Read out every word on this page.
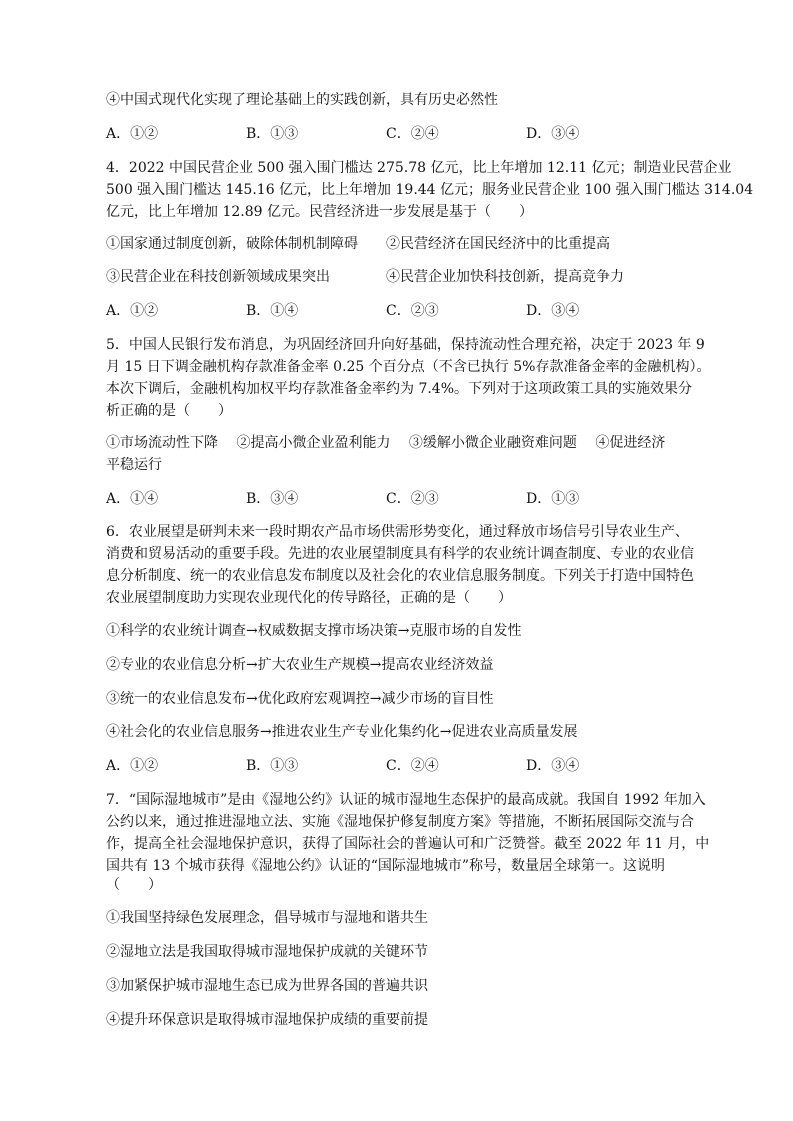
④中国式现代化实现了理论基础上的实践创新，具有历史必然性
A．①②	B．①③	C．②④	D．③④
4．2022 中国民营企业 500 强入围门槛达 275.78 亿元，比上年增加 12.11 亿元；制造业民营企业
500 强入围门槛达 145.16 亿元，比上年增加 19.44 亿元；服务业民营企业 100 强入围门槛达 314.04
亿元，比上年增加 12.89 亿元。民营经济进一步发展是基于（　　）
①国家通过制度创新，破除体制机制障碍　　②民营经济在国民经济中的比重提高
③民营企业在科技创新领域成果突出　　　　④民营企业加快科技创新，提高竞争力
A．①②	B．①④	C．②③	D．③④
5．中国人民银行发布消息，为巩固经济回升向好基础，保持流动性合理充裕，决定于 2023 年 9
月 15 日下调金融机构存款准备金率 0.25 个百分点（不含已执行 5%存款准备金率的金融机构）。
本次下调后，金融机构加权平均存款准备金率约为 7.4%。下列对于这项政策工具的实施效果分
析正确的是（　　）
①市场流动性下降　 ②提高小微企业盈利能力　 ③缓解小微企业融资难问题　 ④促进经济
平稳运行
A．①④	B．③④	C．②③	D．①③
6．农业展望是研判未来一段时期农产品市场供需形势变化，通过释放市场信号引导农业生产、
消费和贸易活动的重要手段。先进的农业展望制度具有科学的农业统计调查制度、专业的农业信
息分析制度、统一的农业信息发布制度以及社会化的农业信息服务制度。下列关于打造中国特色
农业展望制度助力实现农业现代化的传导路径，正确的是（　　）
①科学的农业统计调查→权威数据支撑市场决策→克服市场的自发性
②专业的农业信息分析→扩大农业生产规模→提高农业经济效益
③统一的农业信息发布→优化政府宏观调控→减少市场的盲目性
④社会化的农业信息服务→推进农业生产专业化集约化→促进农业高质量发展
A．①②	B．①③	C．②④	D．③④
7．“国际湿地城市”是由《湿地公约》认证的城市湿地生态保护的最高成就。我国自 1992 年加入
公约以来，通过推进湿地立法、实施《湿地保护修复制度方案》等措施，不断拓展国际交流与合
作，提高全社会湿地保护意识，获得了国际社会的普遍认可和广泛赞誉。截至 2022 年 11 月，中
国共有 13 个城市获得《湿地公约》认证的“国际湿地城市”称号，数量居全球第一。这说明
（　　）
①我国坚持绿色发展理念，倡导城市与湿地和谐共生
②湿地立法是我国取得城市湿地保护成就的关键环节
③加紧保护城市湿地生态已成为世界各国的普遍共识
④提升环保意识是取得城市湿地保护成绩的重要前提
